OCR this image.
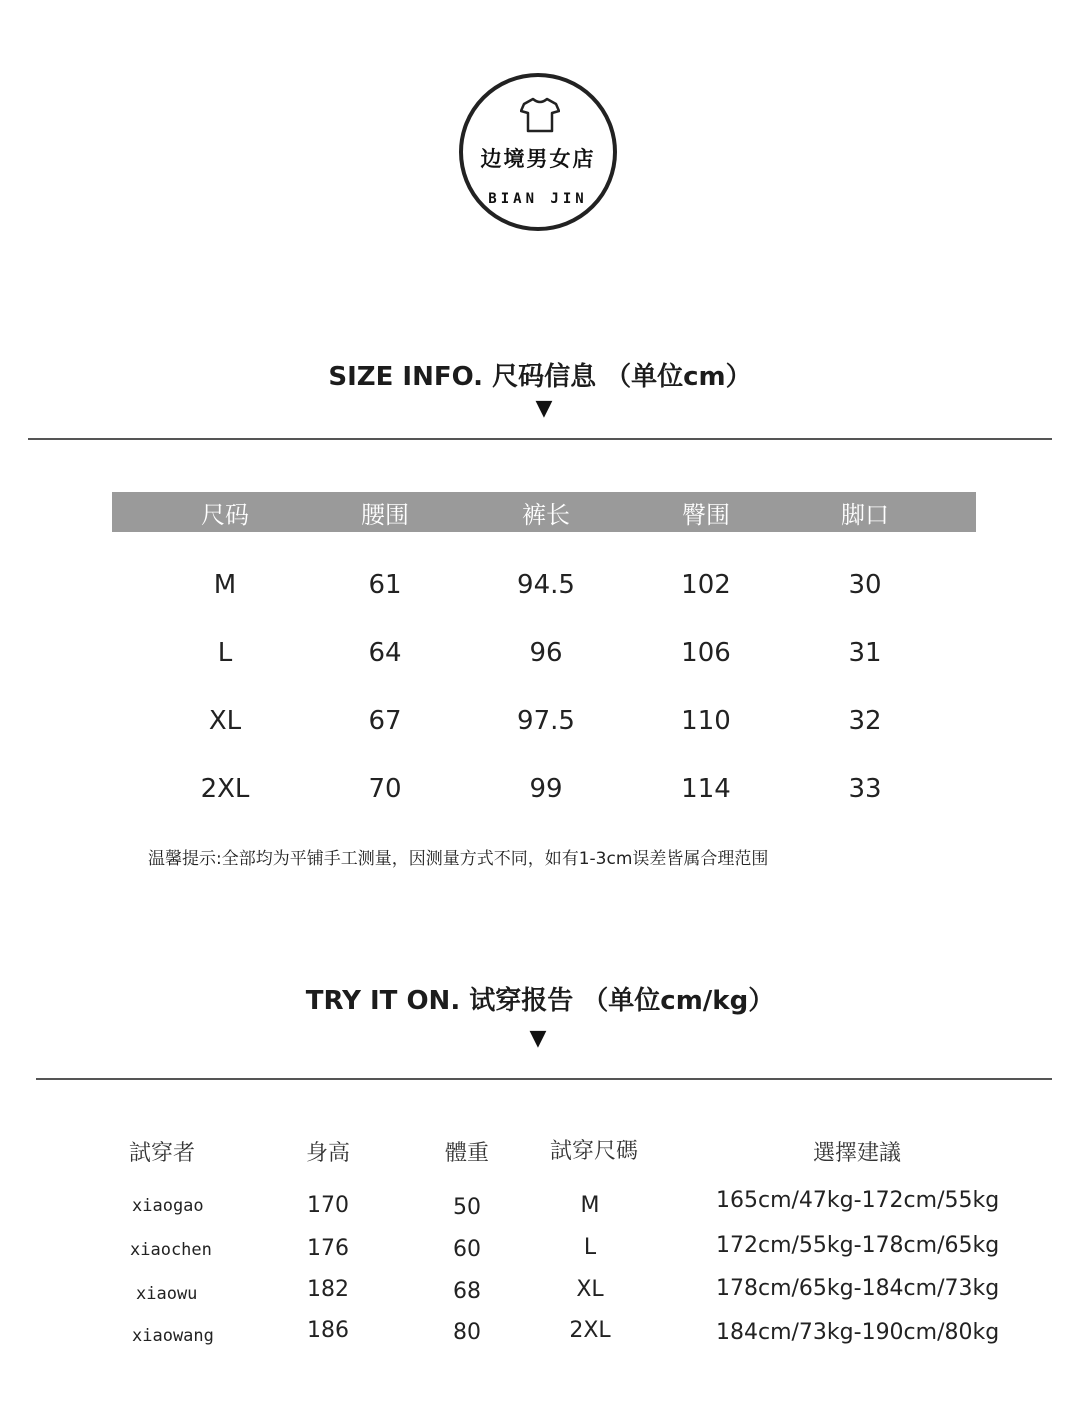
边境男女店
BIAN JIN
SIZE INFO. 尺码信息 （单位cm）
▼
尺码	腰围	裤长	臀围	脚口
M	61	94.5	102	30
L	64	96	106	31
XL	67	97.5	110	32
2XL	70	99	114	33
温馨提示:全部均为平铺手工测量，因测量方式不同，如有1-3cm误差皆属合理范围
TRY IT ON. 试穿报告 （单位cm/kg）
▼
試穿者	身高	體重	試穿尺碼	選擇建議
xiaogao	170	50	M	165cm/47kg-172cm/55kg
xiaochen	176	60	L	172cm/55kg-178cm/65kg
xiaowu	182	68	XL	178cm/65kg-184cm/73kg
xiaowang	186	80	2XL	184cm/73kg-190cm/80kg
